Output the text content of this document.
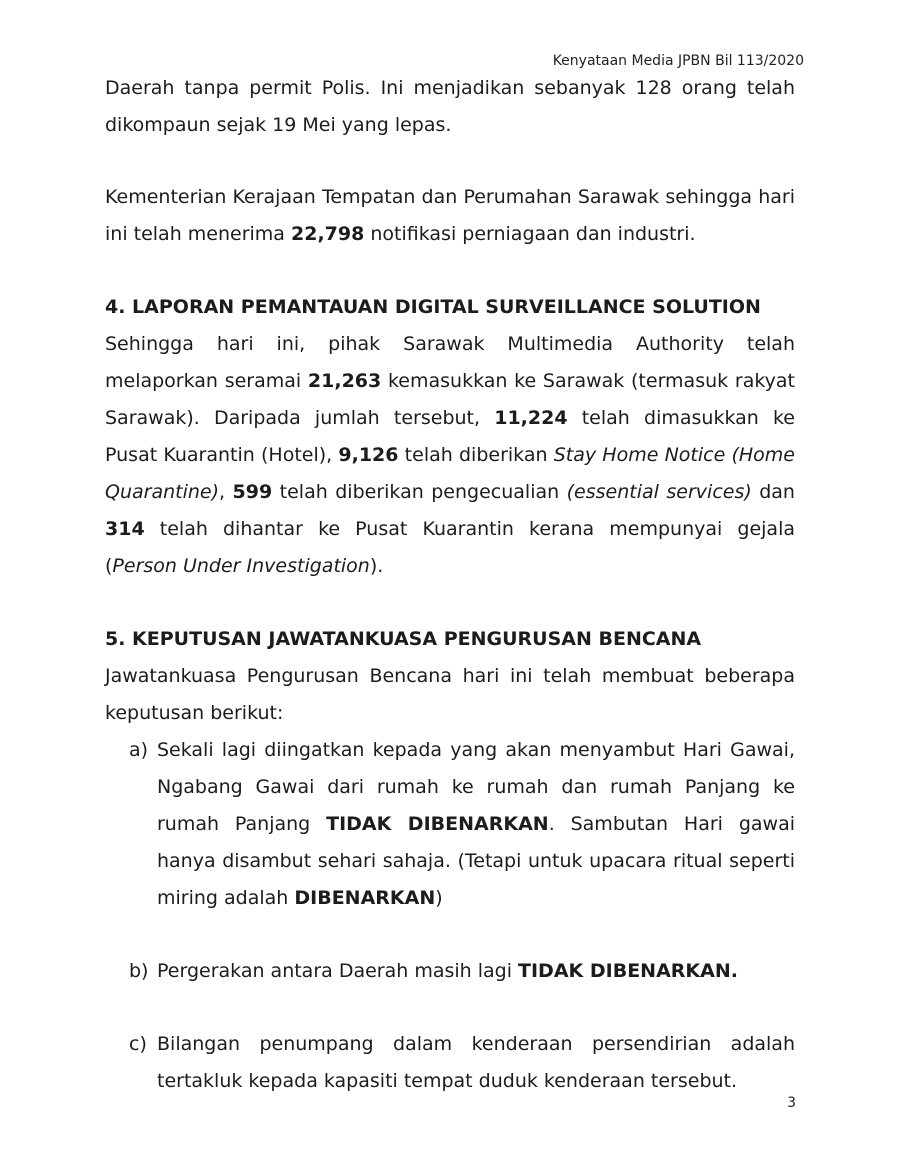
Kenyataan Media JPBN Bil 113/2020

Daerah tanpa permit Polis. Ini menjadikan sebanyak 128 orang telah dikompaun sejak 19 Mei yang lepas.

Kementerian Kerajaan Tempatan dan Perumahan Sarawak sehingga hari ini telah menerima 22,798 notifikasi perniagaan dan industri.

4. LAPORAN PEMANTAUAN DIGITAL SURVEILLANCE SOLUTION

Sehingga hari ini, pihak Sarawak Multimedia Authority telah melaporkan seramai 21,263 kemasukkan ke Sarawak (termasuk rakyat Sarawak). Daripada jumlah tersebut, 11,224 telah dimasukkan ke Pusat Kuarantin (Hotel), 9,126 telah diberikan Stay Home Notice (Home Quarantine), 599 telah diberikan pengecualian (essential services) dan 314 telah dihantar ke Pusat Kuarantin kerana mempunyai gejala (Person Under Investigation).

5. KEPUTUSAN JAWATANKUASA PENGURUSAN BENCANA

Jawatankuasa Pengurusan Bencana hari ini telah membuat beberapa keputusan berikut:

a) Sekali lagi diingatkan kepada yang akan menyambut Hari Gawai, Ngabang Gawai dari rumah ke rumah dan rumah Panjang ke rumah Panjang TIDAK DIBENARKAN. Sambutan Hari gawai hanya disambut sehari sahaja. (Tetapi untuk upacara ritual seperti miring adalah DIBENARKAN)
b) Pergerakan antara Daerah masih lagi TIDAK DIBENARKAN.
c) Bilangan penumpang dalam kenderaan persendirian adalah tertakluk kepada kapasiti tempat duduk kenderaan tersebut.
3
